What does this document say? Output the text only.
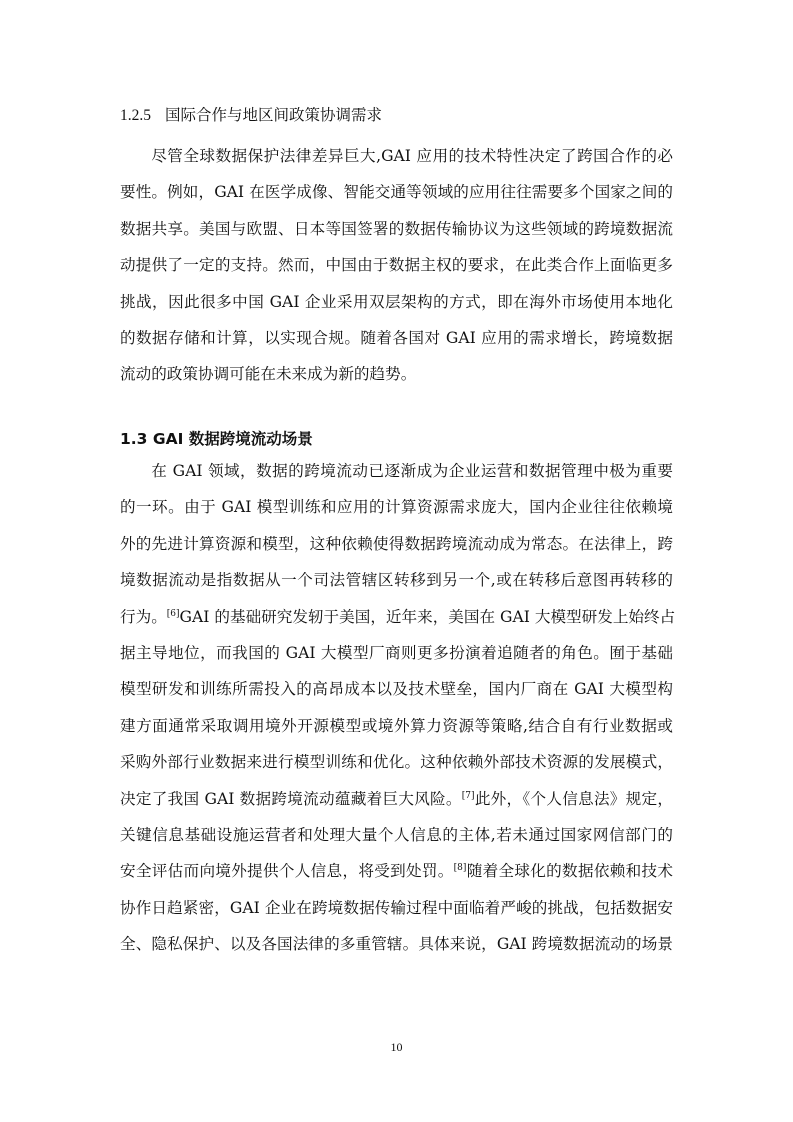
1.2.5 国际合作与地区间政策协调需求
尽管全球数据保护法律差异巨大,GAI 应用的技术特性决定了跨国合作的必
要性。例如，GAI 在医学成像、智能交通等领域的应用往往需要多个国家之间的
数据共享。美国与欧盟、日本等国签署的数据传输协议为这些领域的跨境数据流
动提供了一定的支持。然而，中国由于数据主权的要求，在此类合作上面临更多
挑战，因此很多中国 GAI 企业采用双层架构的方式，即在海外市场使用本地化
的数据存储和计算，以实现合规。随着各国对 GAI 应用的需求增长，跨境数据
流动的政策协调可能在未来成为新的趋势。
1.3 GAI 数据跨境流动场景
在 GAI 领域，数据的跨境流动已逐渐成为企业运营和数据管理中极为重要
的一环。由于 GAI 模型训练和应用的计算资源需求庞大，国内企业往往依赖境
外的先进计算资源和模型，这种依赖使得数据跨境流动成为常态。在法律上，跨
境数据流动是指数据从一个司法管辖区转移到另一个,或在转移后意图再转移的
行为。[6]GAI 的基础研究发轫于美国，近年来，美国在 GAI 大模型研发上始终占
据主导地位，而我国的 GAI 大模型厂商则更多扮演着追随者的角色。囿于基础
模型研发和训练所需投入的高昂成本以及技术壁垒，国内厂商在 GAI 大模型构
建方面通常采取调用境外开源模型或境外算力资源等策略,结合自有行业数据或
采购外部行业数据来进行模型训练和优化。这种依赖外部技术资源的发展模式，
决定了我国 GAI 数据跨境流动蕴藏着巨大风险。[7]此外，《个人信息法》规定，
关键信息基础设施运营者和处理大量个人信息的主体,若未通过国家网信部门的
安全评估而向境外提供个人信息，将受到处罚。[8]随着全球化的数据依赖和技术
协作日趋紧密，GAI 企业在跨境数据传输过程中面临着严峻的挑战，包括数据安
全、隐私保护、以及各国法律的多重管辖。具体来说，GAI 跨境数据流动的场景
10
